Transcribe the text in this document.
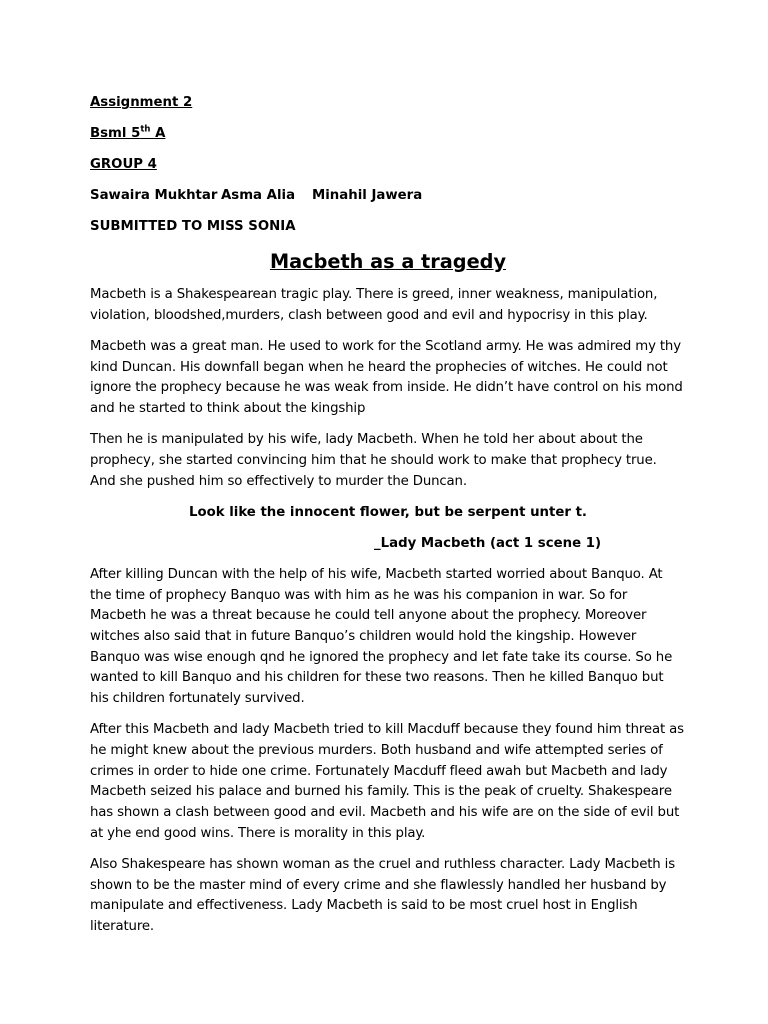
Assignment 2
Bsml 5th A
GROUP 4
Sawaira Mukhtar Asma Alia Minahil Jawera
SUBMITTED TO MISS SONIA
Macbeth as a tragedy

Macbeth is a Shakespearean tragic play. There is greed, inner weakness, manipulation, violation, bloodshed,murders, clash between good and evil and hypocrisy in this play.

Macbeth was a great man. He used to work for the Scotland army. He was admired my thy kind Duncan. His downfall began when he heard the prophecies of witches. He could not ignore the prophecy because he was weak from inside. He didn’t have control on his mond and he started to think about the kingship

Then he is manipulated by his wife, lady Macbeth. When he told her about about the prophecy, she started convincing him that he should work to make that prophecy true. And she pushed him so effectively to murder the Duncan.

Look like the innocent flower, but be serpent unter t.
_Lady Macbeth (act 1 scene 1)

After killing Duncan with the help of his wife, Macbeth started worried about Banquo. At the time of prophecy Banquo was with him as he was his companion in war. So for Macbeth he was a threat because he could tell anyone about the prophecy. Moreover witches also said that in future Banquo’s children would hold the kingship. However Banquo was wise enough qnd he ignored the prophecy and let fate take its course. So he wanted to kill Banquo and his children for these two reasons. Then he killed Banquo but his children fortunately survived.

After this Macbeth and lady Macbeth tried to kill Macduff because they found him threat as he might knew about the previous murders. Both husband and wife attempted series of crimes in order to hide one crime. Fortunately Macduff fleed awah but Macbeth and lady Macbeth seized his palace and burned his family. This is the peak of cruelty. Shakespeare has shown a clash between good and evil. Macbeth and his wife are on the side of evil but at yhe end good wins. There is morality in this play.

Also Shakespeare has shown woman as the cruel and ruthless character. Lady Macbeth is shown to be the master mind of every crime and she flawlessly handled her husband by manipulate and effectiveness. Lady Macbeth is said to be most cruel host in English literature.
